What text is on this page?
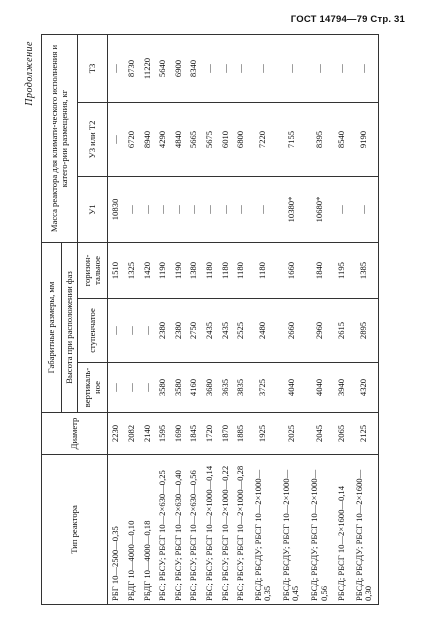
ГОСТ 14794—79 Стр. 31
Продолжение
Тип реактора	Диаметр	Габаритные размеры, мм			Масса реактора для климати-ческого исполнения и катего-рии размещения, кг		
		Высота при расположении фаз					
		вертикаль-ное	ступенчатое	горизон-тальное	У1	У3 или Т2	Т3
РБГ 10—2500—0,35	2230	—	—	1510	10830	—	—
РБДГ 10—4000—0,10	2082	—	—	1325	—	6720	8730
РБДГ 10—4000—0,18	2140	—	—	1420	—	8940	11220
РБС; РБСУ; РБСГ 10—2×630—0,25	1595	3580	2380	1190	—	4290	5640
РБС; РБСУ; РБСГ 10—2×630—0,40	1690	3580	2380	1190	—	4840	6900
РБС; РБСУ; РБСГ 10—2×630—0,56	1845	4160	2750	1380	—	5665	8340
РБС; РБСУ; РБСГ 10—2×1000—0,14	1720	3680	2435	1180	—	5675	—
РБС; РБСУ; РБСГ 10—2×1000—0,22	1870	3635	2435	1180	—	6010	—
РБС; РБСУ; РБСГ 10—2×1000—0,28	1885	3835	2525	1180	—	6800	—
РБСД; РБСДУ; РБСГ 10—2×1000—0,35	1925	3725	2480	1180	—	7220	—
РБСД; РБСДУ; РБСГ 10—2×1000—0,45	2025	4040	2660	1660	10380*	7155	—
РБСД; РБСДУ; РБСГ 10—2×1000—0,56	2045	4040	2960	1840	10680*	8395	—
РБСД; РБСГ 10—2×1600—0,14	2065	3940	2615	1195	—	8540	—
РБСД; РБСДУ; РБСГ 10—2×1600—0,30	2125	4320	2895	1385	—	9190	—
